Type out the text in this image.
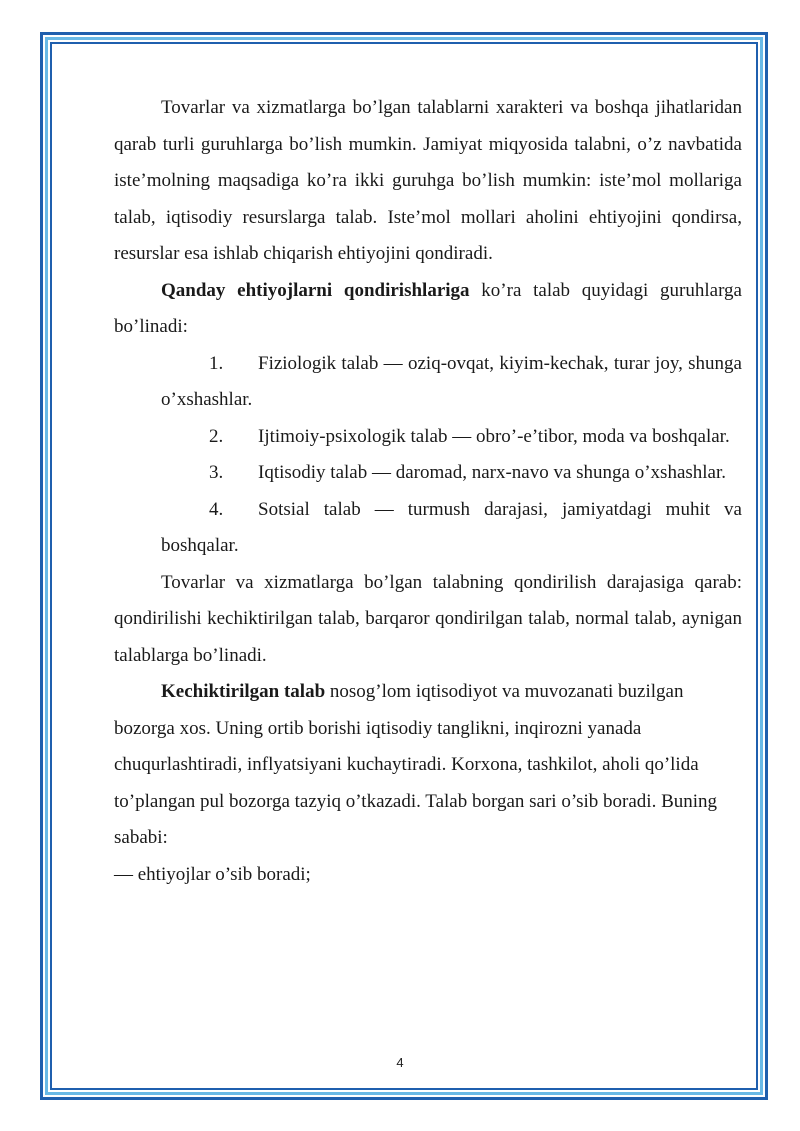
Tovarlar va xizmatlarga bo’lgan talablarni xarakteri va boshqa jihatlaridan qarab turli guruhlarga bo’lish mumkin. Jamiyat miqyosida talabni, o’z navbatida iste’molning maqsadiga ko’ra ikki guruhga bo’lish mumkin: iste’mol mollariga talab, iqtisodiy resurslarga talab. Iste’mol mollari aholini ehtiyojini qondirsa, resurslar esa ishlab chiqarish ehtiyojini qondiradi.

Qanday ehtiyojlarni qondirishlariga ko’ra talab quyidagi guruhlarga bo’linadi:

1. Fiziologik talab — oziq-ovqat, kiyim-kechak, turar joy, shunga o’xshashlar.

2. Ijtimoiy-psixologik talab — obro’-e’tibor, moda va boshqalar.

3. Iqtisodiy talab — daromad, narx-navo va shunga o’xshashlar.

4. Sotsial talab — turmush darajasi, jamiyatdagi muhit va boshqalar.

Tovarlar va xizmatlarga bo’lgan talabning qondirilish darajasiga qarab: qondirilishi kechiktirilgan talab, barqaror qondirilgan talab, normal talab, aynigan talablarga bo’linadi.

Kechiktirilgan talab nosog’lom iqtisodiyot va muvozanati buzilgan bozorga xos. Uning ortib borishi iqtisodiy tanglikni, inqirozni yanada chuqurlashtiradi, inflyatsiyani kuchaytiradi. Korxona, tashkilot, aholi qo’lida to’plangan pul bozorga tazyiq o’tkazadi. Talab borgan sari o’sib boradi. Buning sababi:

— ehtiyojlar o’sib boradi;

4
